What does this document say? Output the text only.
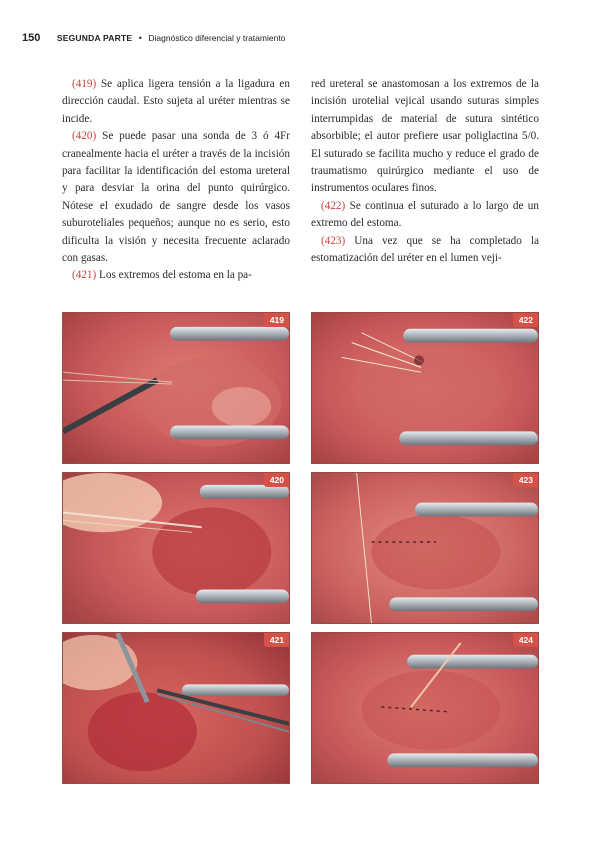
150 SEGUNDA PARTE • Diagnóstico diferencial y tratamiento

(419) Se aplica ligera tensión a la ligadura en dirección caudal. Esto sujeta al uréter mientras se incide.

(420) Se puede pasar una sonda de 3 ó 4Fr cranealmente hacia el uréter a través de la incisión para facilitar la identificación del estoma ureteral y para desviar la orina del punto quirúrgico. Nótese el exudado de sangre desde los vasos suburoteliales pequeños; aunque no es serio, esto dificulta la visión y necesita frecuente aclarado con gasas.

(421) Los extremos del estoma en la pa-

red ureteral se anastomosan a los extremos de la incisión urotelial vejical usando suturas simples interrumpidas de material de sutura sintético absorbible; el autor prefiere usar poliglactina 5/0. El suturado se facilita mucho y reduce el grado de traumatismo quirúrgico mediante el uso de instrumentos oculares finos.

(422) Se continua el suturado a lo largo de un extremo del estoma.

(423) Una vez que se ha completado la estomatización del uréter en el lumen veji-

419
420
421
422
423
424
